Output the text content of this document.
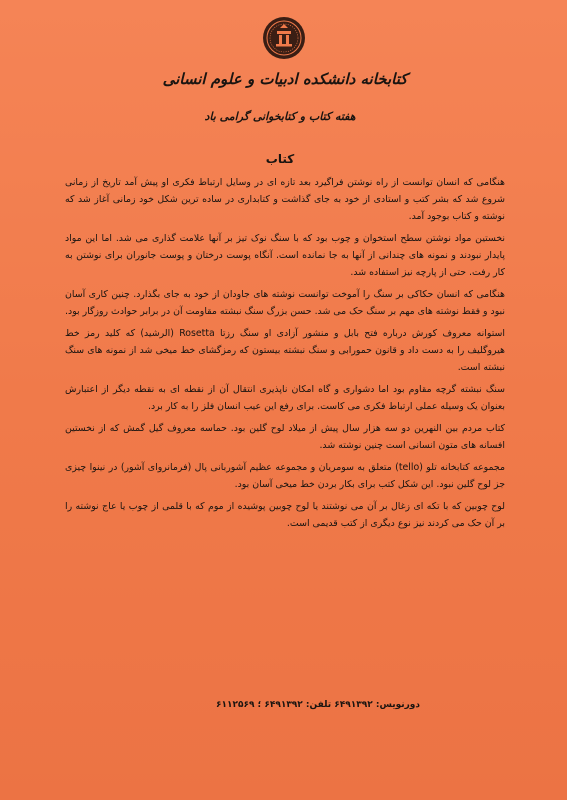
کتابخانه دانشکده ادبیات و علوم انسانی
هفته کتاب و کتابخوانی گرامی باد
کتاب

هنگامی که انسان توانست از راه نوشتن فراگیرد بعد تازه ای در وسایل ارتباط فکری او پیش آمد تاریخ از زمانی شروع شد که بشر کتب و استادی از خود به جای گذاشت و کتابداری در ساده ترین شکل خود زمانی آغاز شد که نوشته و کتاب بوجود آمد.

نخستین مواد نوشتن سطح استخوان و چوب بود که با سنگ نوک تیز بر آنها علامت گذاری می شد. اما این مواد پایدار نبودند و نمونه های چندانی از آنها به جا نمانده است. آنگاه پوست درختان و پوست جانوران برای نوشتن به کار رفت. حتی از پارچه نیز استفاده شد.

هنگامی که انسان حکاکی بر سنگ را آموخت توانست نوشته های جاودان از خود به جای بگذارد. چنین کاری آسان نبود و فقط نوشته های مهم بر سنگ حک می شد. حسن بزرگ سنگ نبشته مقاومت آن در برابر حوادث روزگار بود.

استوانه معروف کورش درباره فتح بابل و منشور آزادی او سنگ رزتا Rosetta (الرشید) که کلید رمز خط هیروگلیف را به دست داد و قانون حمورابی و سنگ نبشته بیستون که رمزگشای خط میخی شد از نمونه های سنگ نبشته است.

سنگ نبشته گرچه مقاوم بود اما دشواری و گاه امکان ناپذیری انتقال آن از نقطه ای به نقطه دیگر از اعتبارش بعنوان یک وسیله عملی ارتباط فکری می کاست. برای رفع این عیب انسان فلز را به کار برد.

کتاب مردم بین النهرین دو سه هزار سال پیش از میلاد لوح گلین بود. حماسه معروف گیل گمش که از نخستین افسانه های متون انسانی است چنین نوشته شد.

مجموعه کتابخانه تلو (tello) متعلق به سومریان و مجموعه عظیم آشوربانی پال (فرمانروای آشور) در نینوا چیزی جز لوح گلین نبود. این شکل کتب برای بکار بردن خط میخی آسان بود.

لوح چوبین که با تکه ای زغال بر آن می نوشتند یا لوح چوبین پوشیده از موم که با قلمی از چوب یا عاج نوشته را بر آن حک می کردند نیز نوع دیگری از کتب قدیمی است.

دورنویس: ۶۴۹۱۳۹۲ تلفن: ۶۴۹۱۳۹۲ ؛ ۶۱۱۲۵۶۹
